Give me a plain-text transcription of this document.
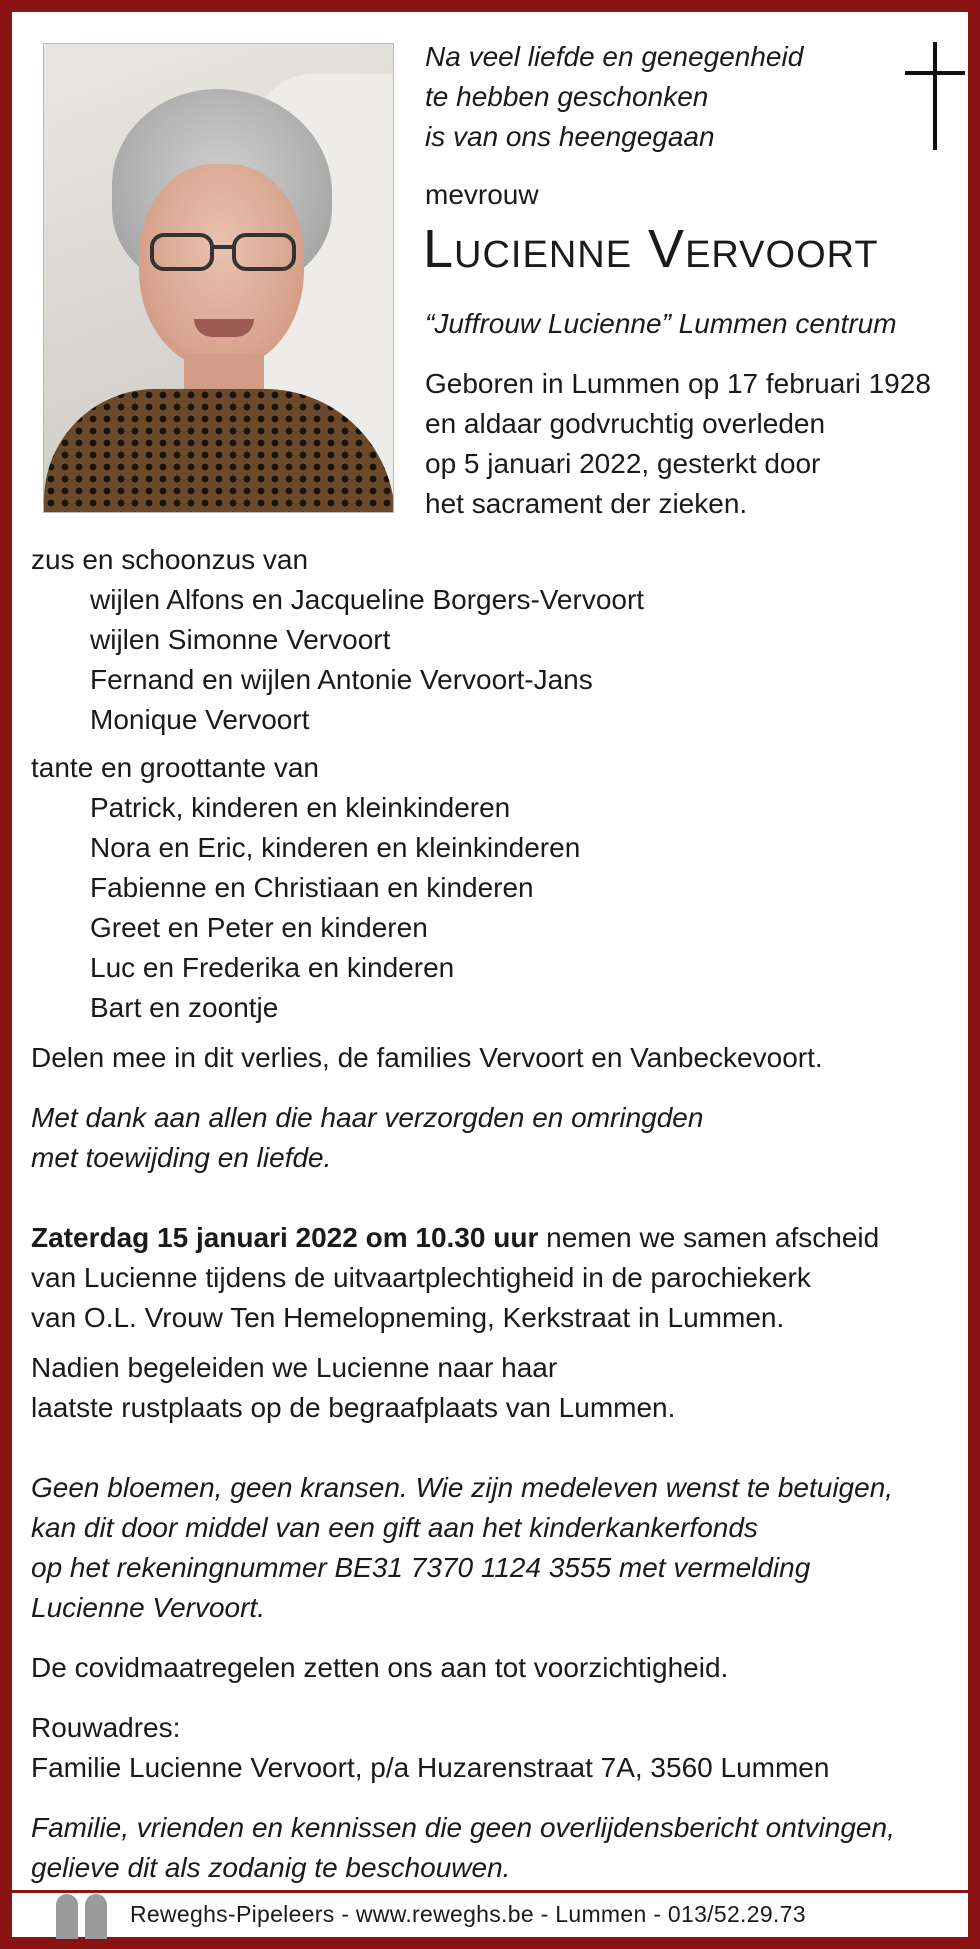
Na veel liefde en genegenheid
te hebben geschonken
is van ons heengegaan
mevrouw
Lucienne Vervoort
“Juffrouw Lucienne” Lummen centrum
Geboren in Lummen op 17 februari 1928
en aldaar godvruchtig overleden
op 5 januari 2022, gesterkt door
het sacrament der zieken.
zus en schoonzus van
wijlen Alfons en Jacqueline Borgers-Vervoort
wijlen Simonne Vervoort
Fernand en wijlen Antonie Vervoort-Jans
Monique Vervoort
tante en groottante van
Patrick, kinderen en kleinkinderen
Nora en Eric, kinderen en kleinkinderen
Fabienne en Christiaan en kinderen
Greet en Peter en kinderen
Luc en Frederika en kinderen
Bart en zoontje
Delen mee in dit verlies, de families Vervoort en Vanbeckevoort.
Met dank aan allen die haar verzorgden en omringden
met toewijding en liefde.
Zaterdag 15 januari 2022 om 10.30 uur nemen we samen afscheid
van Lucienne tijdens de uitvaartplechtigheid in de parochiekerk
van O.L. Vrouw Ten Hemelopneming, Kerkstraat in Lummen.
Nadien begeleiden we Lucienne naar haar
laatste rustplaats op de begraafplaats van Lummen.
Geen bloemen, geen kransen. Wie zijn medeleven wenst te betuigen,
kan dit door middel van een gift aan het kinderkankerfonds
op het rekeningnummer BE31 7370 1124 3555 met vermelding
Lucienne Vervoort.
De covidmaatregelen zetten ons aan tot voorzichtigheid.
Rouwadres:
Familie Lucienne Vervoort, p/a Huzarenstraat 7A, 3560 Lummen
Familie, vrienden en kennissen die geen overlijdensbericht ontvingen,
gelieve dit als zodanig te beschouwen.
Reweghs-Pipeleers - www.reweghs.be - Lummen - 013/52.29.73
